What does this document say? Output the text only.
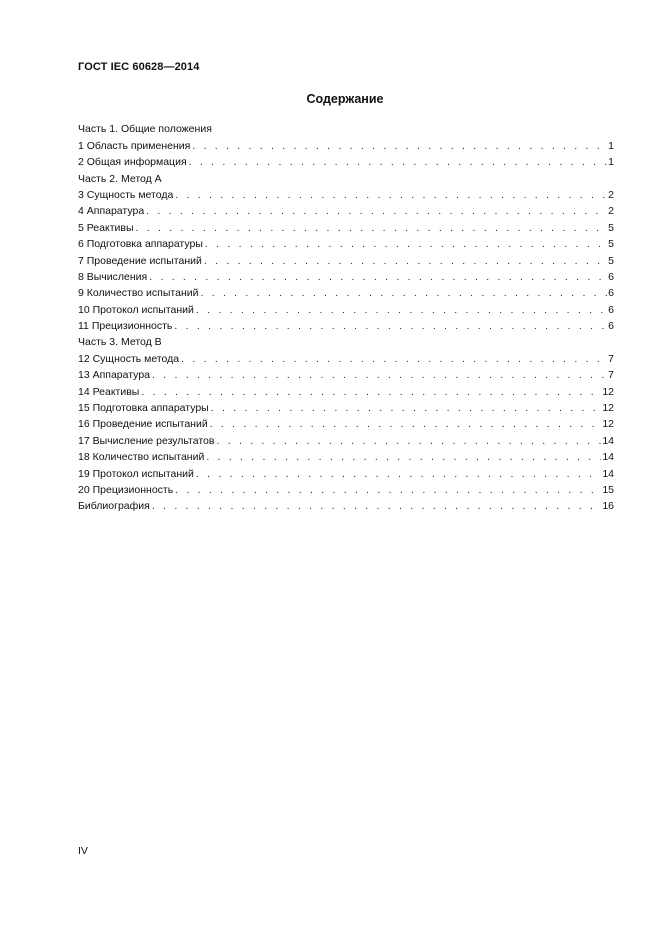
ГОСТ IEC 60628—2014
Содержание
Часть 1. Общие положения
1 Область применения . . .	1
2 Общая информация . . .	1
Часть 2. Метод А
3 Сущность метода . . .	2
4 Аппаратура . . .	2
5 Реактивы . . .	5
6 Подготовка аппаратуры . . .	5
7 Проведение испытаний . . .	5
8 Вычисления . . .	6
9 Количество испытаний . . .	6
10 Протокол испытаний . . .	6
11 Прецизионность . . .	6
Часть 3. Метод В
12 Сущность метода . . .	7
13 Аппаратура . . .	7
14 Реактивы . . .	12
15 Подготовка аппаратуры . . .	12
16 Проведение испытаний . . .	12
17 Вычисление результатов . . .	14
18 Количество испытаний . . .	14
19 Протокол испытаний . . .	14
20 Прецизионность . . .	15
Библиография . . .	16
IV
